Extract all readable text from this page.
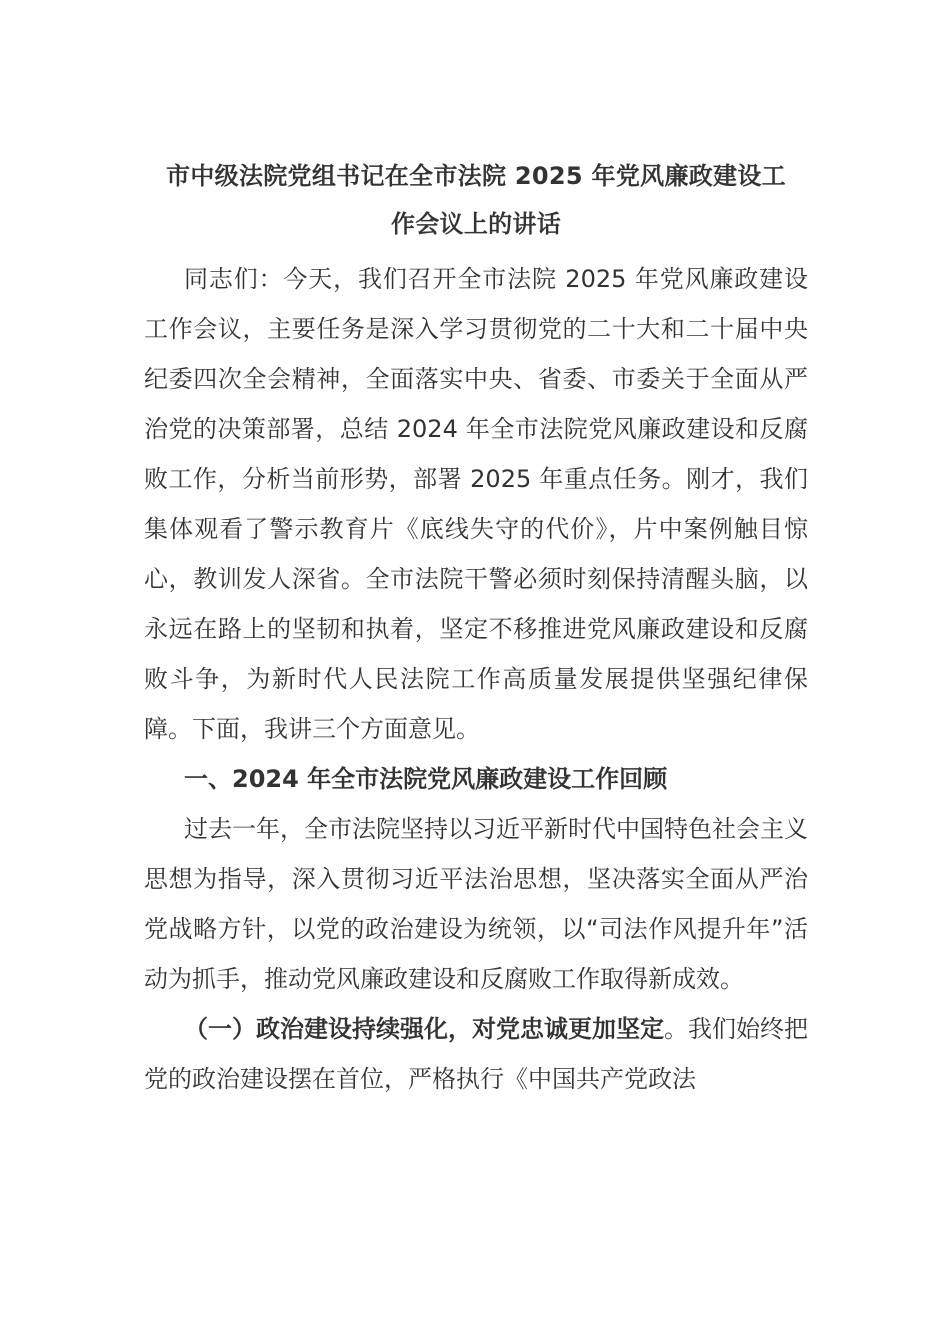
市中级法院党组书记在全市法院 2025 年党风廉政建设工
作会议上的讲话

同志们：今天，我们召开全市法院 2025 年党风廉政建设工作会议，主要任务是深入学习贯彻党的二十大和二十届中央纪委四次全会精神，全面落实中央、省委、市委关于全面从严治党的决策部署，总结 2024 年全市法院党风廉政建设和反腐败工作，分析当前形势，部署 2025 年重点任务。刚才，我们集体观看了警示教育片《底线失守的代价》，片中案例触目惊心，教训发人深省。全市法院干警必须时刻保持清醒头脑，以永远在路上的坚韧和执着，坚定不移推进党风廉政建设和反腐败斗争，为新时代人民法院工作高质量发展提供坚强纪律保障。下面，我讲三个方面意见。

一、2024 年全市法院党风廉政建设工作回顾

过去一年，全市法院坚持以习近平新时代中国特色社会主义思想为指导，深入贯彻习近平法治思想，坚决落实全面从严治党战略方针，以党的政治建设为统领，以“司法作风提升年”活动为抓手，推动党风廉政建设和反腐败工作取得新成效。

（一）政治建设持续强化，对党忠诚更加坚定。我们始终把党的政治建设摆在首位，严格执行《中国共产党政法
